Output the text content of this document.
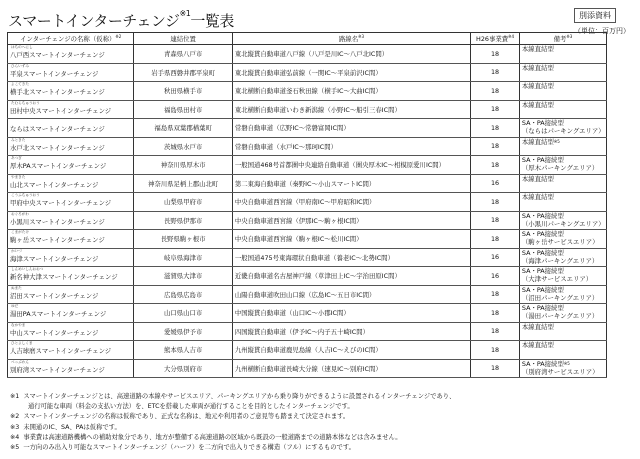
スマートインターチェンジ$^{※1}$一覧表	別添資料
（単位：百万円）
インターチェンジの名称（仮称）$^{※2}$	連結位置	路線名$^{※3}$	H26事業費$^{※4}$	備考$^{※3}$

はちのへにし
八戸西スマートインターチェンジ	青森県八戸市	東北縦貫自動車道八戸線（八戸是川IC～八戸北IC間）	18	本線直結型

ひらいずみ
平泉スマートインターチェンジ	岩手県西磐井郡平泉町	東北縦貫自動車道弘前線（一関IC～平泉前沢IC間）	18	本線直結型

よこてきた
横手北スマートインターチェンジ	秋田県横手市	東北横断自動車道釜石秋田線（横手IC～大曲IC間）	18	本線直結型

たむらちゅうおう
田村中央スマートインターチェンジ	福島県田村市	東北横断自動車道いわき新潟線（小野IC～船引三春IC間）	18	本線直結型

ならはスマートインターチェンジ	福島県双葉郡楢葉町	常磐自動車道（広野IC～常磐富岡IC間）	18	SA・PA接続型
（ならはパーキングエリア）

みときた
水戸北スマートインターチェンジ	茨城県水戸市	常磐自動車道（水戸IC～那珂IC間）	18	本線直結型$^{※5}$

あつぎ
厚木PAスマートインターチェンジ	神奈川県厚木市	一般国道468号首都圏中央連絡自動車道（圏央厚木IC～相模原愛川IC間）	18	SA・PA接続型
（厚木パーキングエリア）

やまきた
山北スマートインターチェンジ	神奈川県足柄上郡山北町	第二東海自動車道（秦野IC～小山スマートIC間）	16	本線直結型

こうふちゅうおう
甲府中央スマートインターチェンジ	山梨県甲府市	中央自動車道西宮線（甲府南IC～甲府昭和IC間）	18	本線直結型

おぐろがわ
小黒川スマートインターチェンジ	長野県伊那市	中央自動車道西宮線（伊那IC～駒ヶ根IC間）	18	SA・PA接続型
（小黒川パーキングエリア）

こまがたけ
駒ヶ岳スマートインターチェンジ	長野県駒ヶ根市	中央自動車道西宮線（駒ヶ根IC～松川IC間）	18	SA・PA接続型
（駒ヶ岳サービスエリア）

かいづ
海津スマートインターチェンジ	岐阜県海津市	一般国道475号東海環状自動車道（養老IC～北勢IC間）	16	SA・PA接続型
（海津パーキングエリア）

しんめいしんおおつ
新名神大津スマートインターチェンジ	滋賀県大津市	近畿自動車道名古屋神戸線（草津田上IC～宇治田原IC間）	16	SA・PA接続型
（大津サービスエリア）

ぬまた
沼田スマートインターチェンジ	広島県広島市	山陽自動車道吹田山口線（広島IC～五日市IC間）	18	SA・PA接続型
（沼田パーキングエリア）

ゆだ
湯田PAスマートインターチェンジ	山口県山口市	中国縦貫自動車道（山口IC～小郡IC間）	18	SA・PA接続型
（湯田パーキングエリア）

なかやま
中山スマートインターチェンジ	愛媛県伊予市	四国縦貫自動車道（伊予IC～内子五十崎IC間）	18	本線直結型

ひとよしくま
人吉球磨スマートインターチェンジ	熊本県人吉市	九州縦貫自動車道鹿児島線（人吉IC～えびのIC間）	18	本線直結型

べっぷわん
別府湾スマートインターチェンジ	大分県別府市	九州横断自動車道長崎大分線（速見IC～別府IC間）	18	SA・PA接続型$^{※5}$
（別府湾サービスエリア）
※1 スマートインターチェンジとは、高速道路の本線やサービスエリア、パーキングエリアから乗り降りができるように設置されるインターチェンジであり、
通行可能な車両（料金の支払い方法）を、ETCを搭載した車両が通行することを目的としたインターチェンジです。
※2 スマートインターチェンジの名称は仮称であり、正式な名称は、地元や利用者のご意見等も踏まえて決定されます。
※3 未開通のIC、SA、PAは仮称です。
※4 事業費は高速道路機構への補助対象分であり、地方が整備する高速道路の区域から既設の一般道路までの道路本体などは含みません。
※5 一方向のみ出入り可能なスマートインターチェンジ（ハーフ）を二方向で出入りできる構造（フル）にするものです。
